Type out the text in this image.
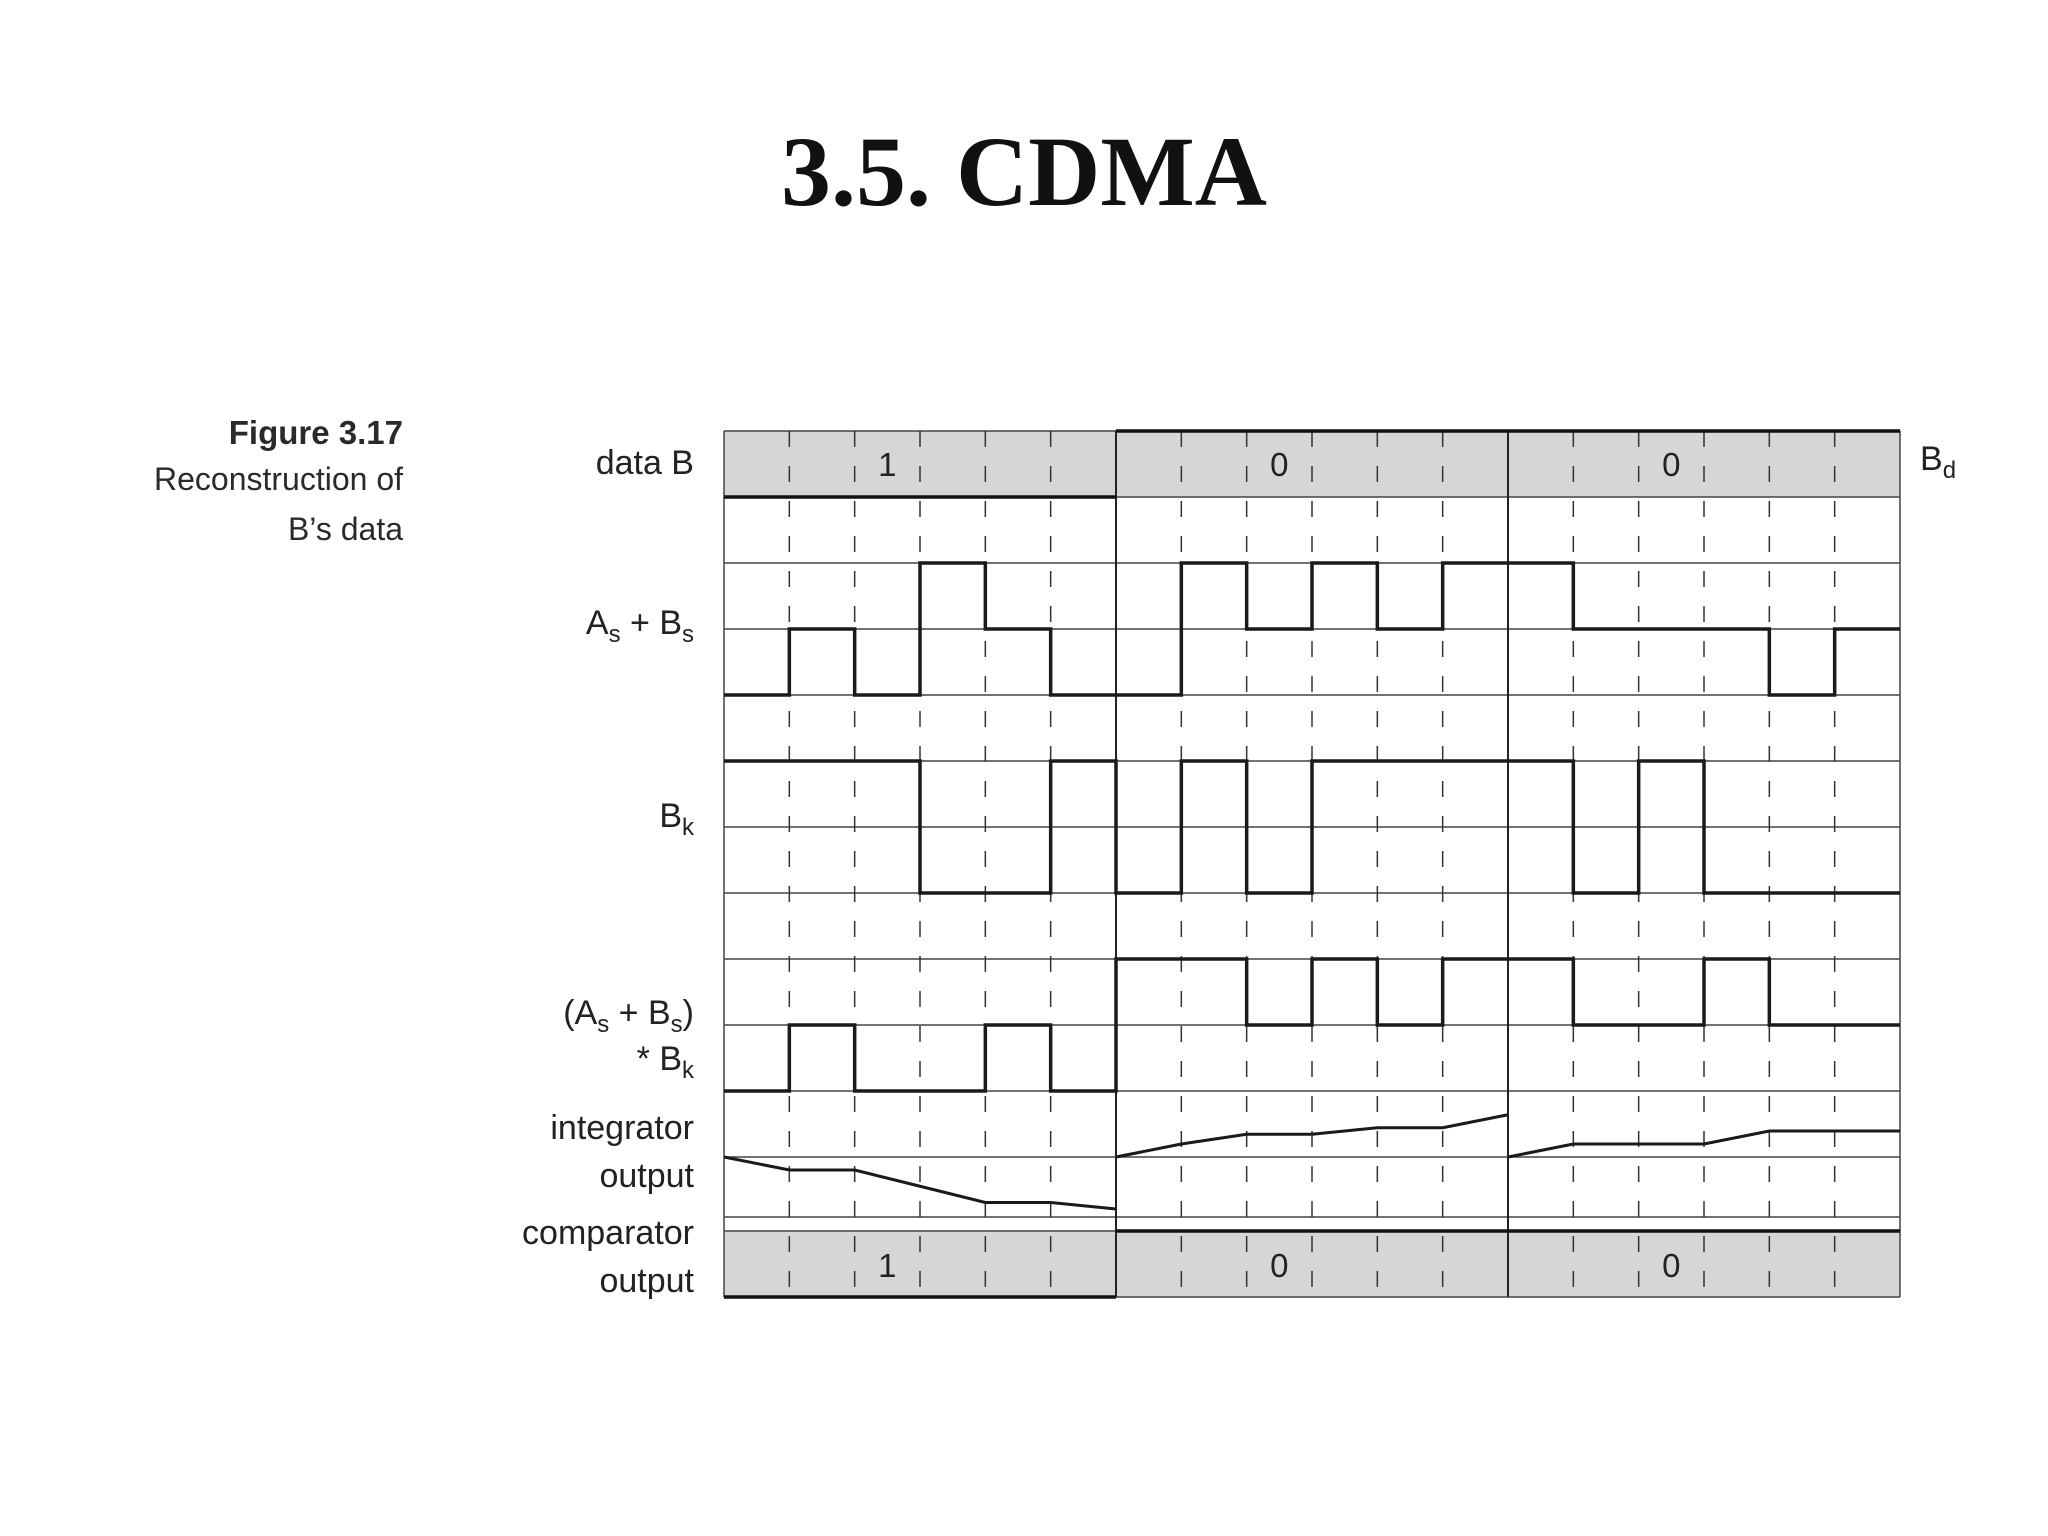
3.5. CDMA
Figure 3.17
Reconstruction of
B’s data
data B
$A_s + B_s$
$B_k$
$(A_s + B_s)$
* $B_k$
integrator
output
comparator
output
$B_d$
1	0	0
1	0	0
